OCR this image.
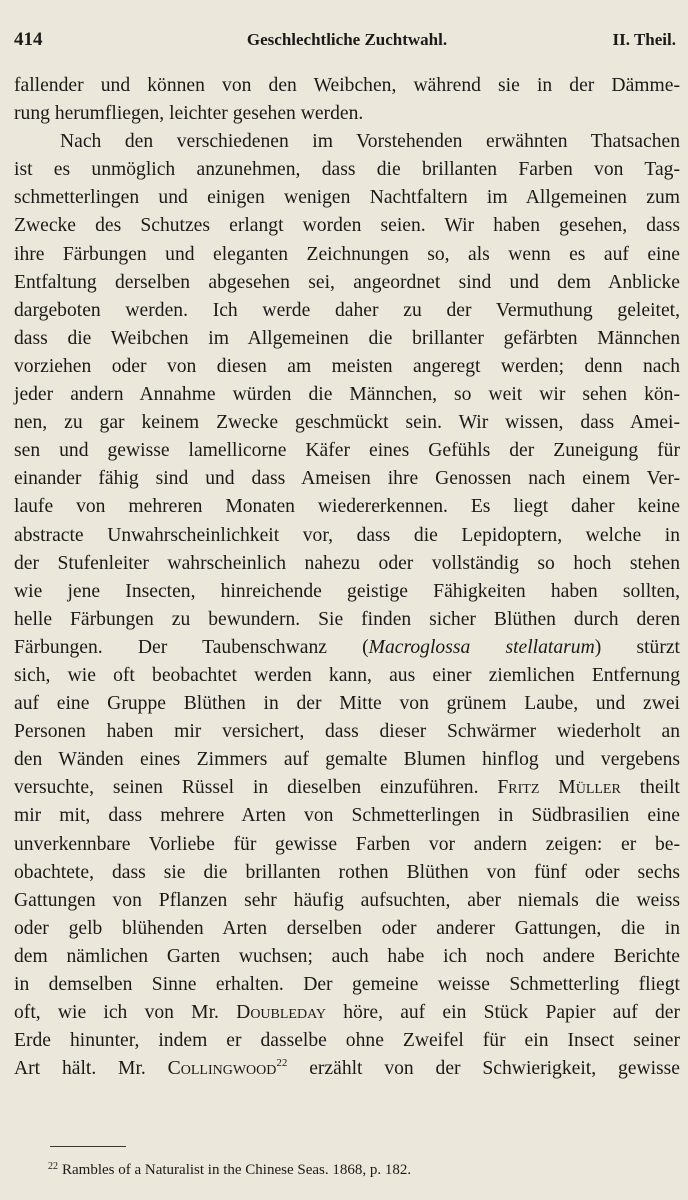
414	Geschlechtliche Zuchtwahl.	II. Theil.
fallender und können von den Weibchen, während sie in der Dämme-
rung herumfliegen, leichter gesehen werden.
Nach den verschiedenen im Vorstehenden erwähnten Thatsachen
ist es unmöglich anzunehmen, dass die brillanten Farben von Tag-
schmetterlingen und einigen wenigen Nachtfaltern im Allgemeinen zum
Zwecke des Schutzes erlangt worden seien. Wir haben gesehen, dass
ihre Färbungen und eleganten Zeichnungen so, als wenn es auf eine
Entfaltung derselben abgesehen sei, angeordnet sind und dem Anblicke
dargeboten werden. Ich werde daher zu der Vermuthung geleitet,
dass die Weibchen im Allgemeinen die brillanter gefärbten Männchen
vorziehen oder von diesen am meisten angeregt werden; denn nach
jeder andern Annahme würden die Männchen, so weit wir sehen kön-
nen, zu gar keinem Zwecke geschmückt sein. Wir wissen, dass Amei-
sen und gewisse lamellicorne Käfer eines Gefühls der Zuneigung für
einander fähig sind und dass Ameisen ihre Genossen nach einem Ver-
laufe von mehreren Monaten wiedererkennen. Es liegt daher keine
abstracte Unwahrscheinlichkeit vor, dass die Lepidoptern, welche in
der Stufenleiter wahrscheinlich nahezu oder vollständig so hoch stehen
wie jene Insecten, hinreichende geistige Fähigkeiten haben sollten,
helle Färbungen zu bewundern. Sie finden sicher Blüthen durch deren
Färbungen. Der Taubenschwanz (Macroglossa stellatarum) stürzt
sich, wie oft beobachtet werden kann, aus einer ziemlichen Entfernung
auf eine Gruppe Blüthen in der Mitte von grünem Laube, und zwei
Personen haben mir versichert, dass dieser Schwärmer wiederholt an
den Wänden eines Zimmers auf gemalte Blumen hinflog und vergebens
versuchte, seinen Rüssel in dieselben einzuführen. Fritz Müller theilt
mir mit, dass mehrere Arten von Schmetterlingen in Südbrasilien eine
unverkennbare Vorliebe für gewisse Farben vor andern zeigen: er be-
obachtete, dass sie die brillanten rothen Blüthen von fünf oder sechs
Gattungen von Pflanzen sehr häufig aufsuchten, aber niemals die weiss
oder gelb blühenden Arten derselben oder anderer Gattungen, die in
dem nämlichen Garten wuchsen; auch habe ich noch andere Berichte
in demselben Sinne erhalten. Der gemeine weisse Schmetterling fliegt
oft, wie ich von Mr. Doubleday höre, auf ein Stück Papier auf der
Erde hinunter, indem er dasselbe ohne Zweifel für ein Insect seiner
Art hält. Mr. Collingwood$^{22}$ erzählt von der Schwierigkeit, gewisse
$^{22}$ Rambles of a Naturalist in the Chinese Seas. 1868, p. 182.
